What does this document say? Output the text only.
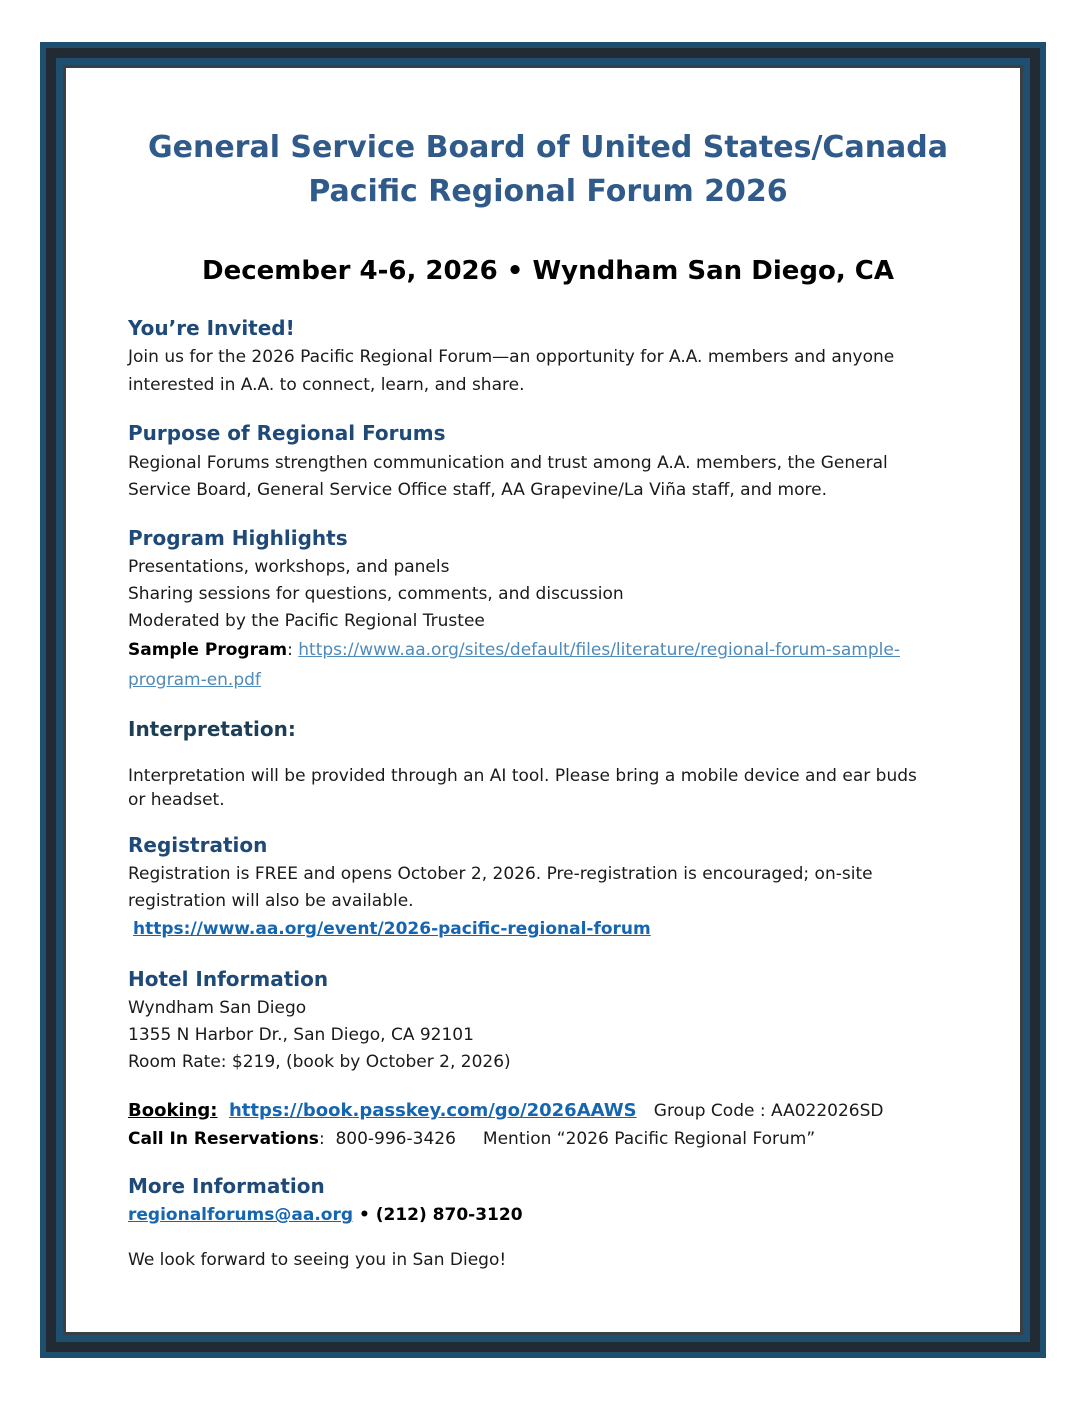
General Service Board of United States/Canada
Pacific Regional Forum 2026
December 4-6, 2026 • Wyndham San Diego, CA
You’re Invited!

Join us for the 2026 Pacific Regional Forum—an opportunity for A.A. members and anyone

interested in A.A. to connect, learn, and share.

Purpose of Regional Forums

Regional Forums strengthen communication and trust among A.A. members, the General

Service Board, General Service Office staff, AA Grapevine/La Viña staff, and more.

Program Highlights

Presentations, workshops, and panels

Sharing sessions for questions, comments, and discussion

Moderated by the Pacific Regional Trustee

Sample Program: https://www.aa.org/sites/default/files/literature/regional-forum-sample-

program-en.pdf

Interpretation:

Interpretation will be provided through an AI tool. Please bring a mobile device and ear buds

or headset.

Registration

Registration is FREE and opens October 2, 2026. Pre-registration is encouraged; on-site

registration will also be available.

https://www.aa.org/event/2026-pacific-regional-forum

Hotel Information

Wyndham San Diego

1355 N Harbor Dr., San Diego, CA 92101

Room Rate: $219, (book by October 2, 2026)

Booking: https://book.passkey.com/go/2026AAWS Group Code : AA022026SD

Call In Reservations:  800-996-3426     Mention “2026 Pacific Regional Forum”

More Information

regionalforums@aa.org • (212) 870-3120

We look forward to seeing you in San Diego!
